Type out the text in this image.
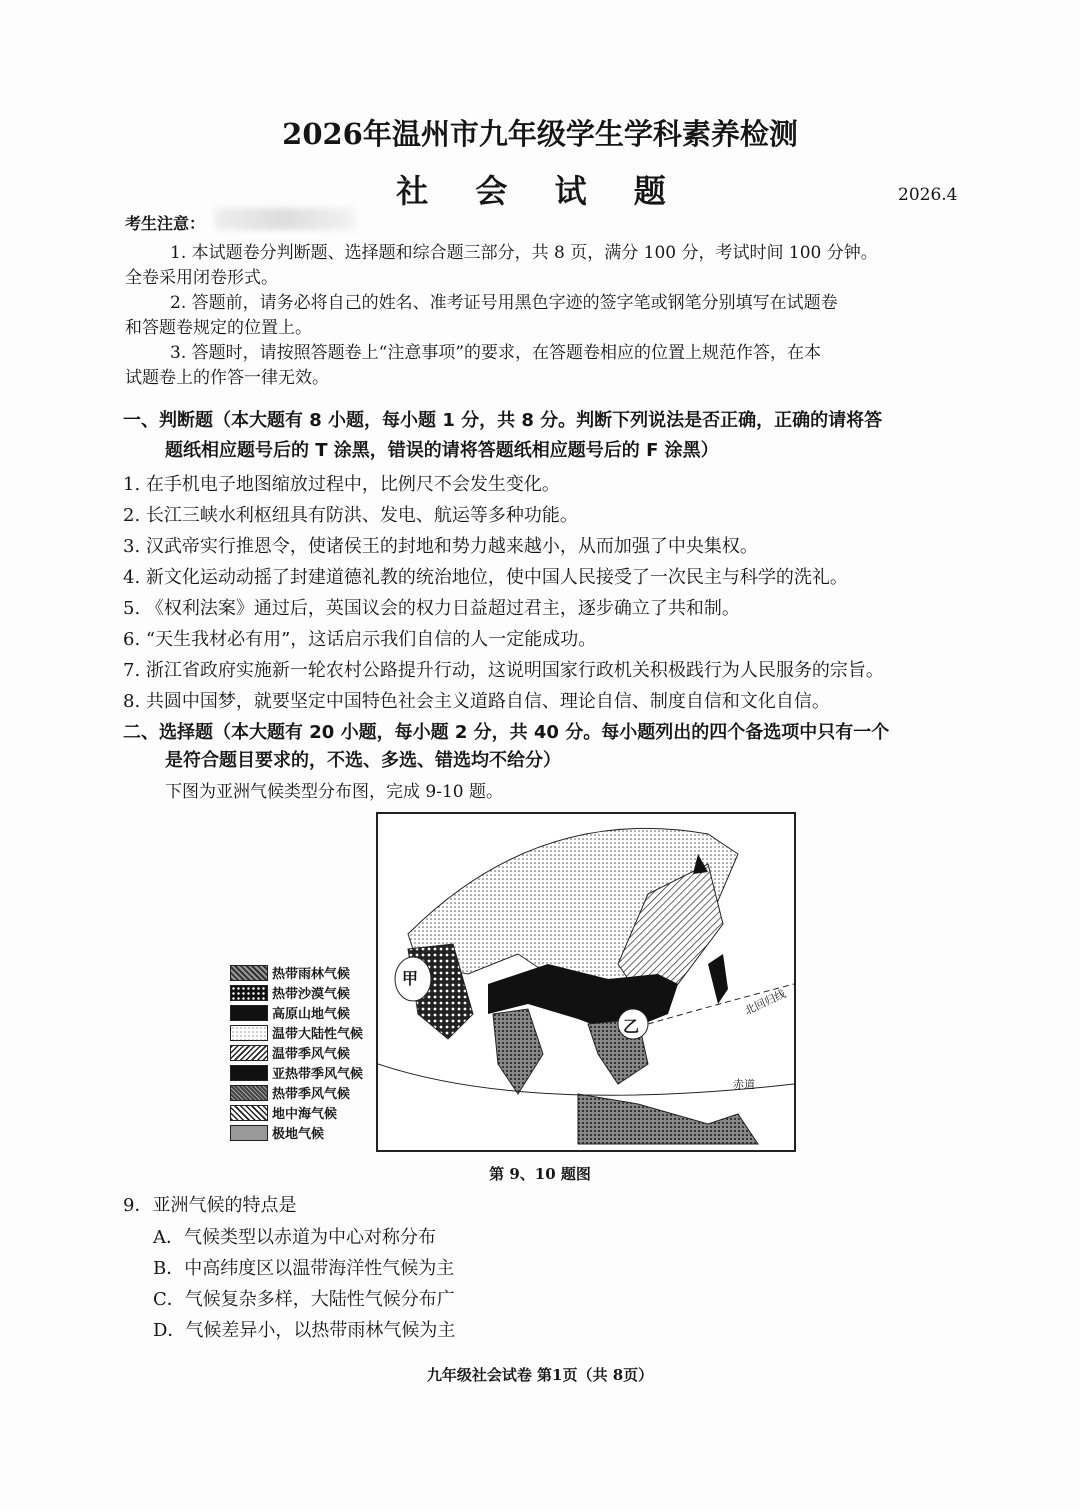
2026年温州市九年级学生学科素养检测
社 会 试 题	2026.4
考生注意：
1. 本试题卷分判断题、选择题和综合题三部分，共 8 页，满分 100 分，考试时间 100 分钟。
全卷采用闭卷形式。
2. 答题前，请务必将自己的姓名、准考证号用黑色字迹的签字笔或钢笔分别填写在试题卷
和答题卷规定的位置上。
3. 答题时，请按照答题卷上“注意事项”的要求，在答题卷相应的位置上规范作答，在本
试题卷上的作答一律无效。
一、判断题（本大题有 8 小题，每小题 1 分，共 8 分。判断下列说法是否正确，正确的请将答
题纸相应题号后的 T 涂黑，错误的请将答题纸相应题号后的 F 涂黑）
1. 在手机电子地图缩放过程中，比例尺不会发生变化。
2. 长江三峡水利枢纽具有防洪、发电、航运等多种功能。
3. 汉武帝实行推恩令，使诸侯王的封地和势力越来越小，从而加强了中央集权。
4. 新文化运动动摇了封建道德礼教的统治地位，使中国人民接受了一次民主与科学的洗礼。
5. 《权利法案》通过后，英国议会的权力日益超过君主，逐步确立了共和制。
6. “天生我材必有用”，这话启示我们自信的人一定能成功。
7. 浙江省政府实施新一轮农村公路提升行动，这说明国家行政机关积极践行为人民服务的宗旨。
8. 共圆中国梦，就要坚定中国特色社会主义道路自信、理论自信、制度自信和文化自信。
二、选择题（本大题有 20 小题，每小题 2 分，共 40 分。每小题列出的四个备选项中只有一个
是符合题目要求的，不选、多选、错选均不给分）
下图为亚洲气候类型分布图，完成 9-10 题。
甲
乙
北回归线
赤道
热带雨林气候
热带沙漠气候
高原山地气候
温带大陆性气候
温带季风气候
亚热带季风气候
热带季风气候
地中海气候
极地气候
第 9、10 题图
9．亚洲气候的特点是
A．气候类型以赤道为中心对称分布
B．中高纬度区以温带海洋性气候为主
C．气候复杂多样，大陆性气候分布广
D．气候差异小，以热带雨林气候为主
九年级社会试卷 第1页（共 8页）
